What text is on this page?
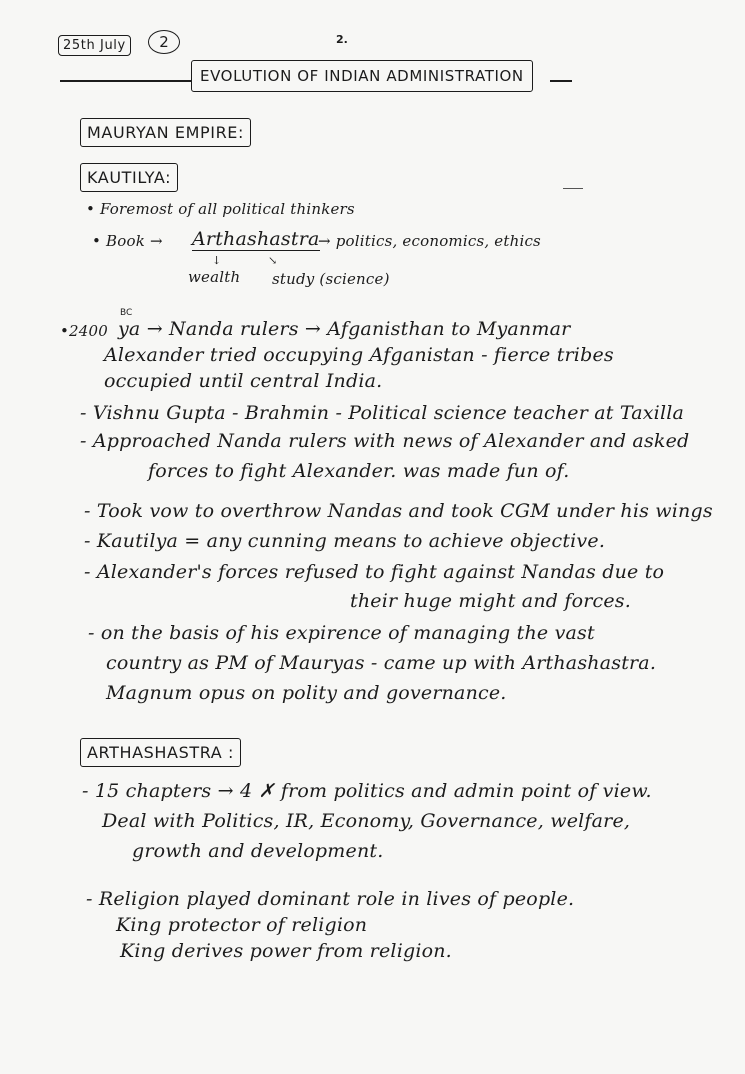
25th July	2	2.
EVOLUTION OF INDIAN ADMINISTRATION
MAURYAN EMPIRE:
KAUTILYA:
• Foremost of all political thinkers
• Book → Arthashastra
→ politics, economics, ethics
↓	↘
wealth study (science)
•2400
BC
ya → Nanda rulers → Afganisthan to Myanmar
Alexander tried occupying Afganistan - fierce tribes
occupied until central India.
- Vishnu Gupta - Brahmin - Political science teacher at Taxilla
- Approached Nanda rulers with news of Alexander and asked
forces to fight Alexander. was made fun of.
- Took vow to overthrow Nandas and took CGM under his wings
- Kautilya = any cunning means to achieve objective.
- Alexander's forces refused to fight against Nandas due to
their huge might and forces.
- on the basis of his expirence of managing the vast
country as PM of Mauryas - came up with Arthashastra.
Magnum opus on polity and governance.
ARTHASHASTRA :
- 15 chapters → 4 ✗ from politics and admin point of view.
Deal with Politics, IR, Economy, Governance, welfare,
growth and development.
- Religion played dominant role in lives of people.
King protector of religion
King derives power from religion.
